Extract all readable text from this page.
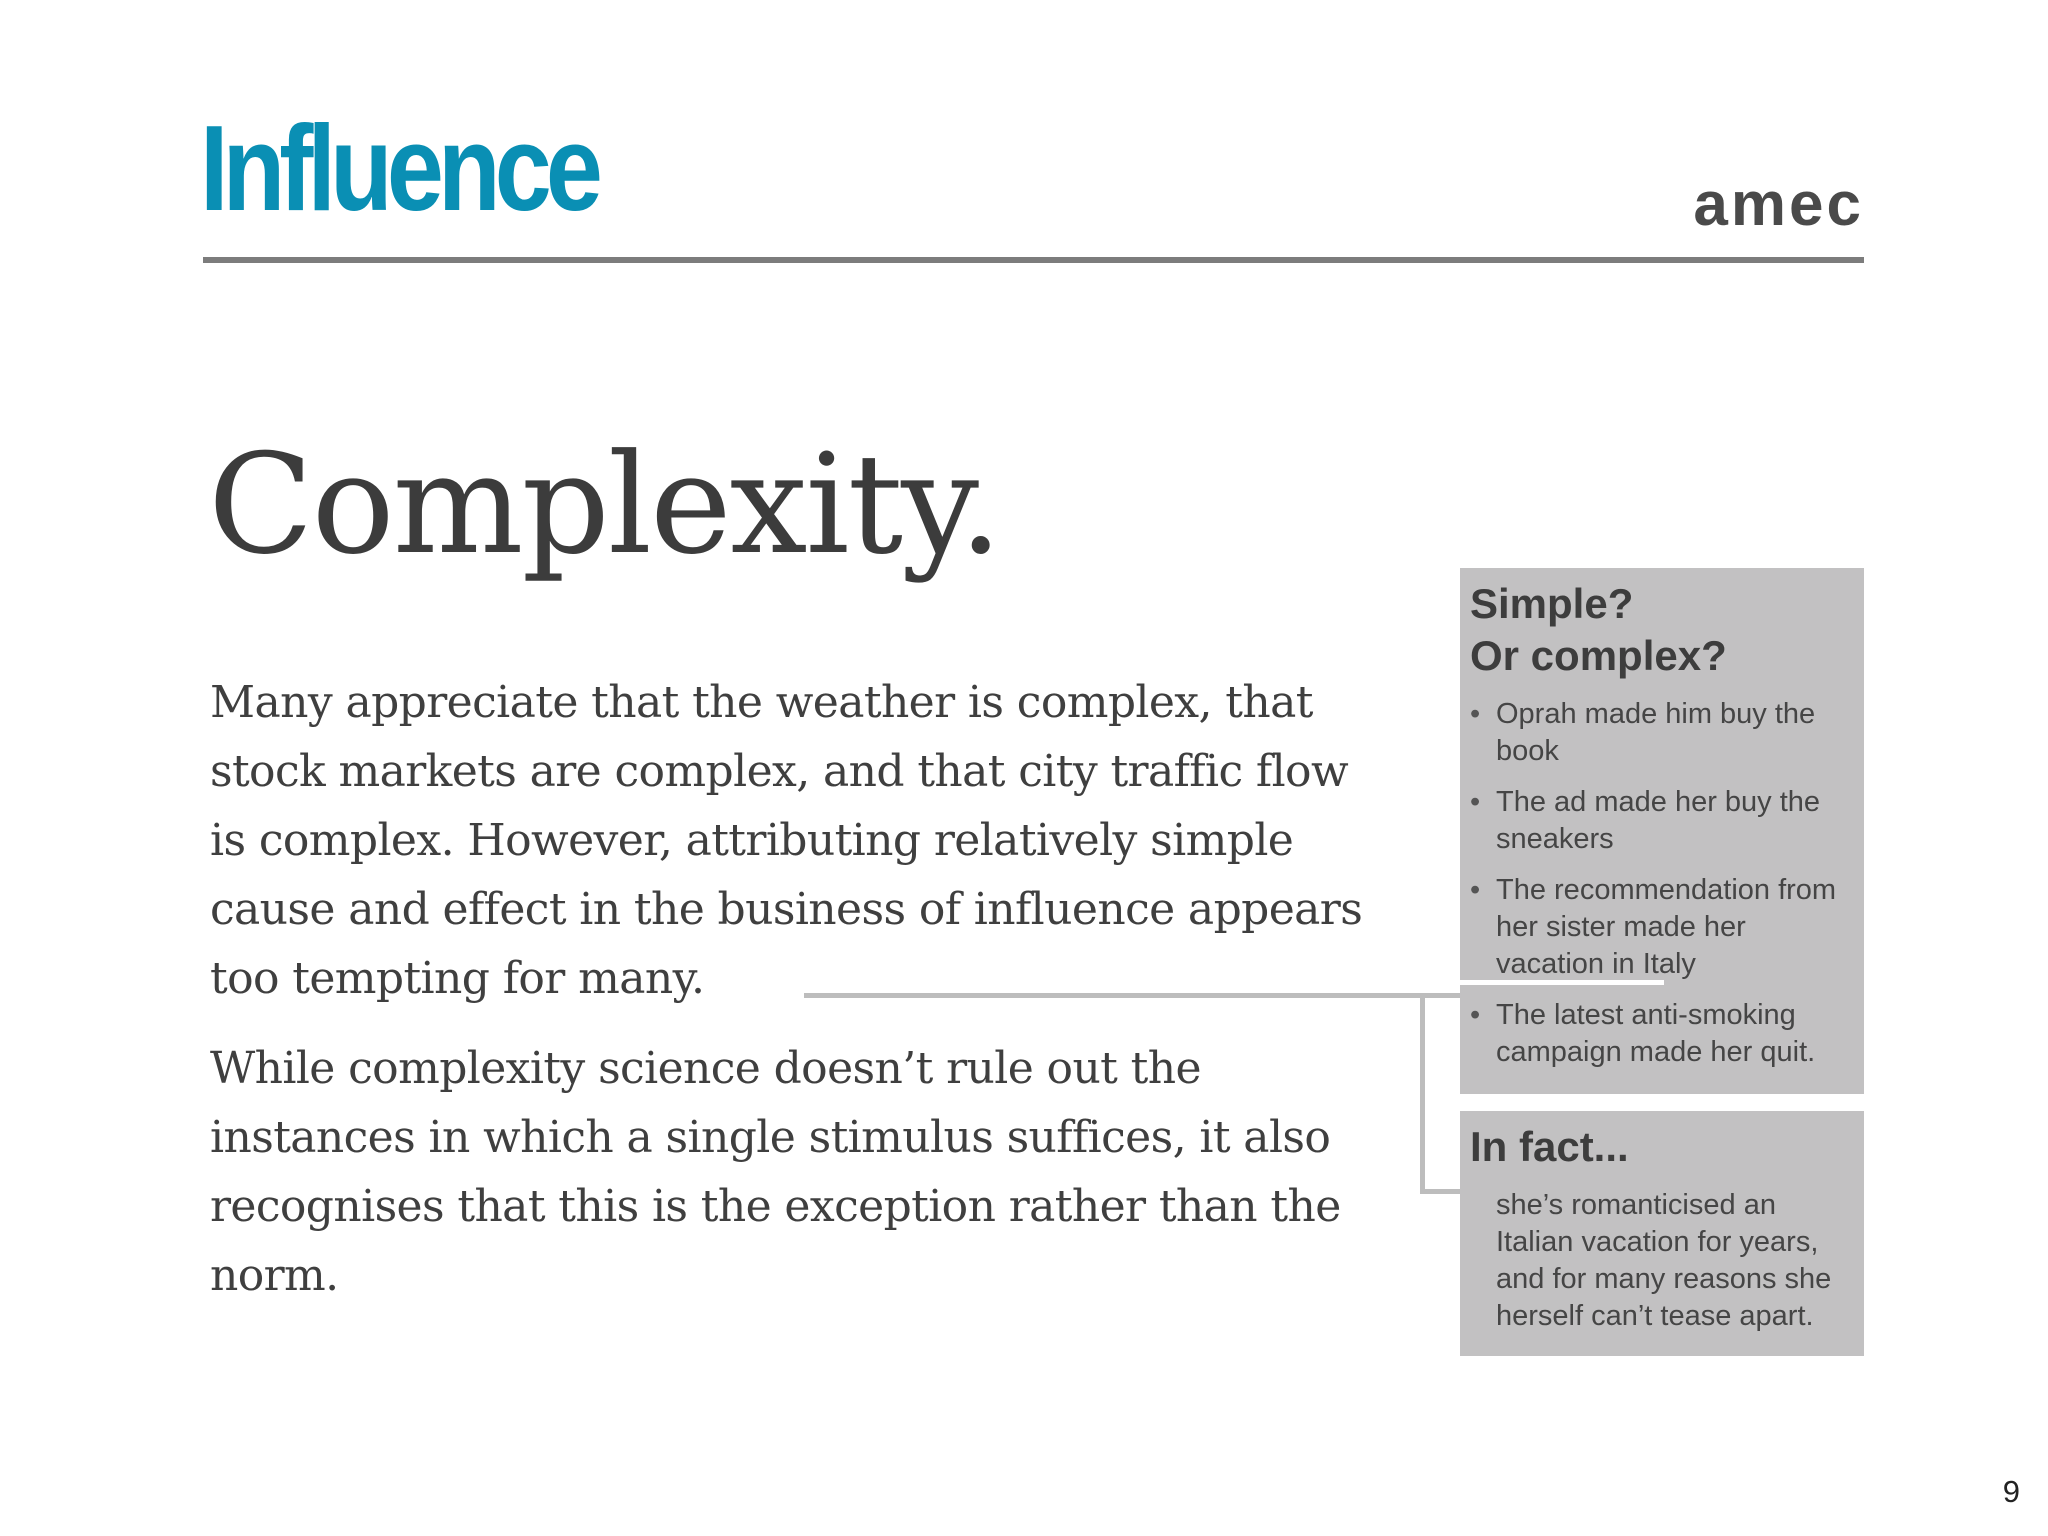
Influence	amec
Complexity.

Many appreciate that the weather is complex, that stock markets are complex, and that city traffic flow is complex. However, attributing relatively simple cause and effect in the business of influence appears too tempting for many.

While complexity science doesn’t rule out the instances in which a single stimulus suffices, it also recognises that this is the exception rather than the norm.

Simple?
Or complex?
• Oprah made him buy the book
• The ad made her buy the sneakers
• The recommendation from her sister made her vacation in Italy
• The latest anti-smoking campaign made her quit.
In fact...

she’s romanticised an Italian vacation for years, and for many reasons she herself can’t tease apart.

9
